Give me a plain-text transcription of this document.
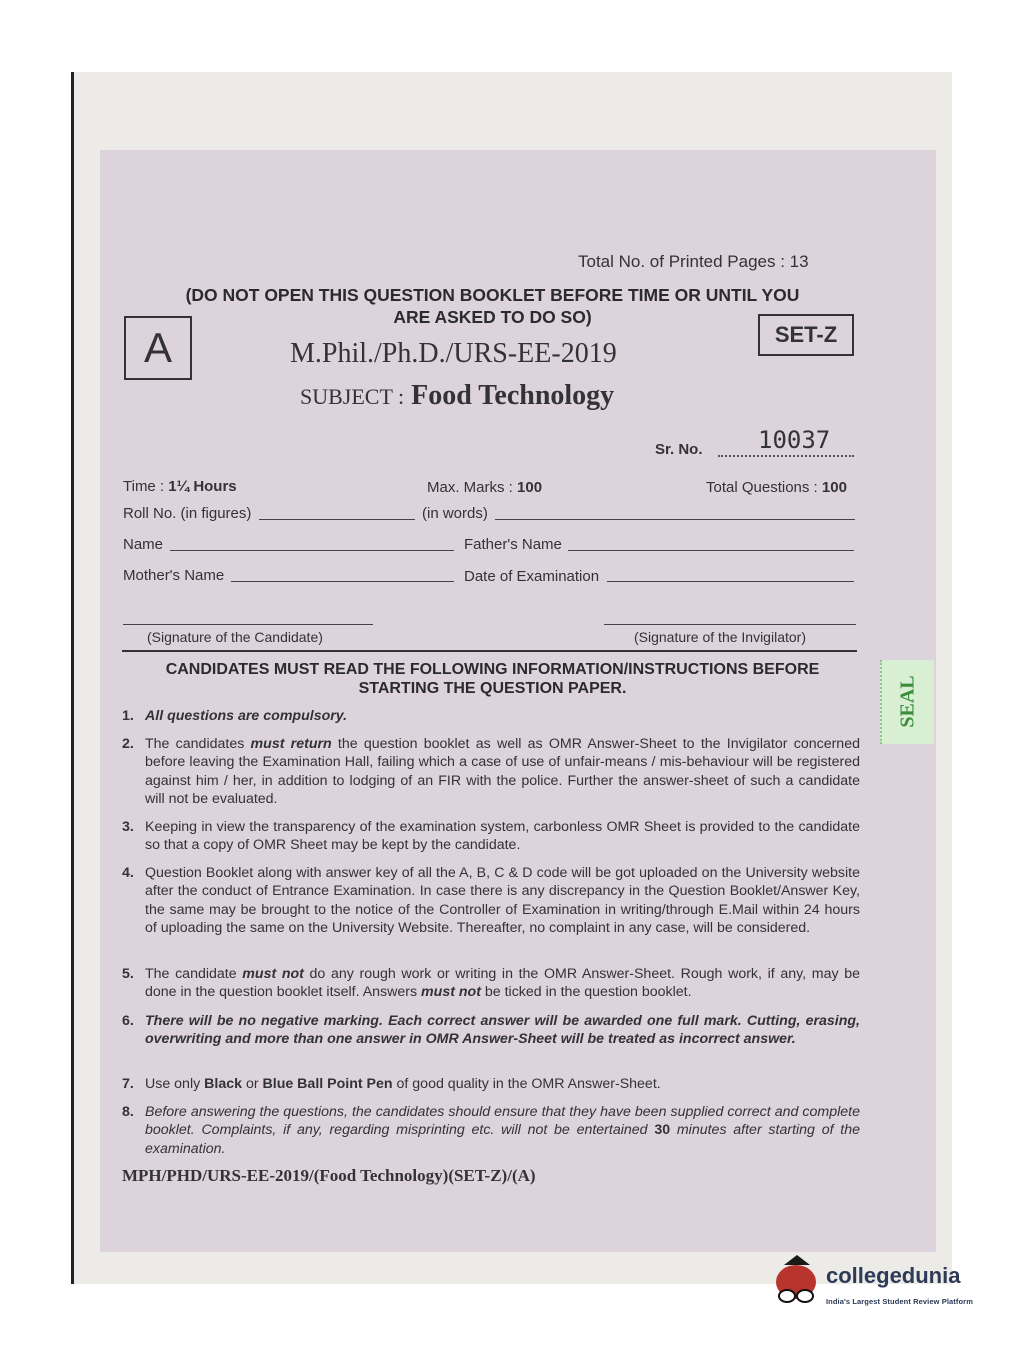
Total No. of Printed Pages : 13
(DO NOT OPEN THIS QUESTION BOOKLET BEFORE TIME OR UNTIL YOU
ARE ASKED TO DO SO)
A	SET-Z
M.Phil./Ph.D./URS-EE-2019
SUBJECT : Food Technology
Sr. No. 10037
Time : 1¼ Hours	Max. Marks : 100	Total Questions : 100
Roll No. (in figures)	(in words)
Name	Father's Name
Mother's Name	Date of Examination
(Signature of the Candidate)	(Signature of the Invigilator)
CANDIDATES MUST READ THE FOLLOWING INFORMATION/INSTRUCTIONS BEFORE
STARTING THE QUESTION PAPER.
1. All questions are compulsory.
2. The candidates must return the question booklet as well as OMR Answer-Sheet to the Invigilator concerned before leaving the Examination Hall, failing which a case of use of unfair-means / mis-behaviour will be registered against him / her, in addition to lodging of an FIR with the police. Further the answer-sheet of such a candidate will not be evaluated.
3. Keeping in view the transparency of the examination system, carbonless OMR Sheet is provided to the candidate so that a copy of OMR Sheet may be kept by the candidate.
4. Question Booklet along with answer key of all the A, B, C & D code will be got uploaded on the University website after the conduct of Entrance Examination. In case there is any discrepancy in the Question Booklet/Answer Key, the same may be brought to the notice of the Controller of Examination in writing/through E.Mail within 24 hours of uploading the same on the University Website. Thereafter, no complaint in any case, will be considered.
5. The candidate must not do any rough work or writing in the OMR Answer-Sheet. Rough work, if any, may be done in the question booklet itself. Answers must not be ticked in the question booklet.
6. There will be no negative marking. Each correct answer will be awarded one full mark. Cutting, erasing, overwriting and more than one answer in OMR Answer-Sheet will be treated as incorrect answer.
7. Use only Black or Blue Ball Point Pen of good quality in the OMR Answer-Sheet.
8. Before answering the questions, the candidates should ensure that they have been supplied correct and complete booklet. Complaints, if any, regarding misprinting etc. will not be entertained 30 minutes after starting of the examination.
MPH/PHD/URS-EE-2019/(Food Technology)(SET-Z)/(A)
SEAL
collegedunia
India's Largest Student Review Platform
